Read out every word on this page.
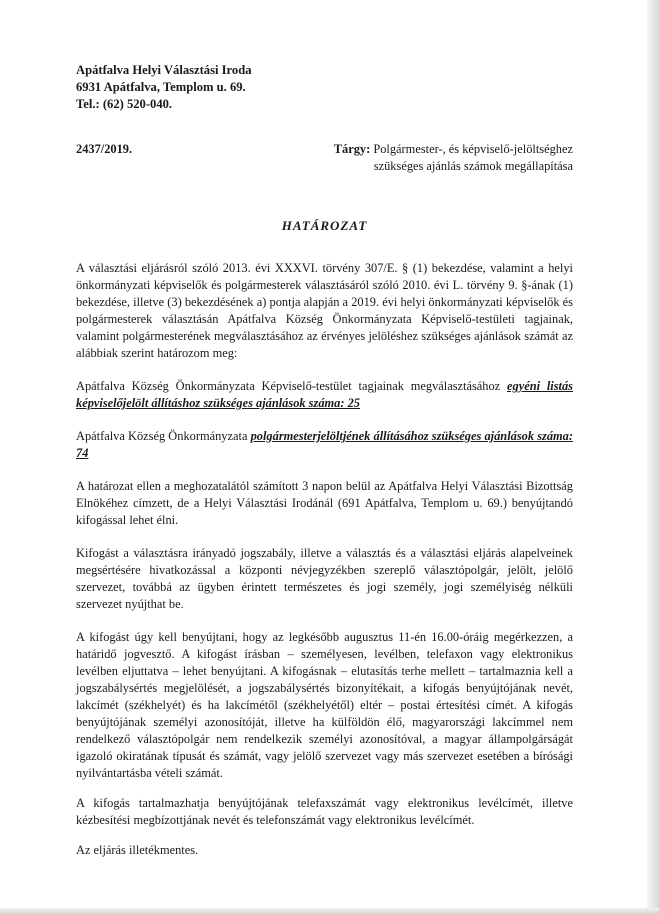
Apátfalva Helyi Választási Iroda
6931 Apátfalva, Templom u. 69.
Tel.: (62) 520-040.
2437/2019.	Tárgy: Polgármester-, és képviselő-jelöltséghez
szükséges ajánlás számok megállapítása
HATÁROZAT

A választási eljárásról szóló 2013. évi XXXVI. törvény 307/E. § (1) bekezdése, valamint a helyi önkormányzati képviselők és polgármesterek választásáról szóló 2010. évi L. törvény 9. §-ának (1) bekezdése, illetve (3) bekezdésének a) pontja alapján a 2019. évi helyi önkormányzati képviselők és polgármesterek választásán Apátfalva Község Önkormányzata Képviselő-testületi tagjainak, valamint polgármesterének megválasztásához az érvényes jelöléshez szükséges ajánlások számát az alábbiak szerint határozom meg:

Apátfalva Község Önkormányzata Képviselő-testület tagjainak megválasztásához egyéni listás képviselőjelölt állításhoz szükséges ajánlások száma: 25

Apátfalva Község Önkormányzata polgármesterjelöltjének állításához szükséges ajánlások száma: 74

A határozat ellen a meghozatalától számított 3 napon belül az Apátfalva Helyi Választási Bizottság Elnökéhez címzett, de a Helyi Választási Irodánál (691 Apátfalva, Templom u. 69.) benyújtandó kifogással lehet élni.

Kifogást a választásra irányadó jogszabály, illetve a választás és a választási eljárás alapelveinek megsértésére hivatkozással a központi névjegyzékben szereplő választópolgár, jelölt, jelölő szervezet, továbbá az ügyben érintett természetes és jogi személy, jogi személyiség nélküli szervezet nyújthat be.

A kifogást úgy kell benyújtani, hogy az legkésőbb augusztus 11-én 16.00-óráig megérkezzen, a határidő jogvesztő. A kifogást írásban – személyesen, levélben, telefaxon vagy elektronikus levélben eljuttatva – lehet benyújtani. A kifogásnak – elutasítás terhe mellett – tartalmaznia kell a jogszabálysértés megjelölését, a jogszabálysértés bizonyítékait, a kifogás benyújtójának nevét, lakcímét (székhelyét) és ha lakcímétől (székhelyétől) eltér – postai értesítési címét. A kifogás benyújtójának személyi azonosítóját, illetve ha külföldön élő, magyarországi lakcímmel nem rendelkező választópolgár nem rendelkezik személyi azonosítóval, a magyar állampolgárságát igazoló okiratának típusát és számát, vagy jelölő szervezet vagy más szervezet esetében a bírósági nyilvántartásba vételi számát.

A kifogás tartalmazhatja benyújtójának telefaxszámát vagy elektronikus levélcímét, illetve kézbesítési megbízottjának nevét és telefonszámát vagy elektronikus levélcímét.

Az eljárás illetékmentes.
